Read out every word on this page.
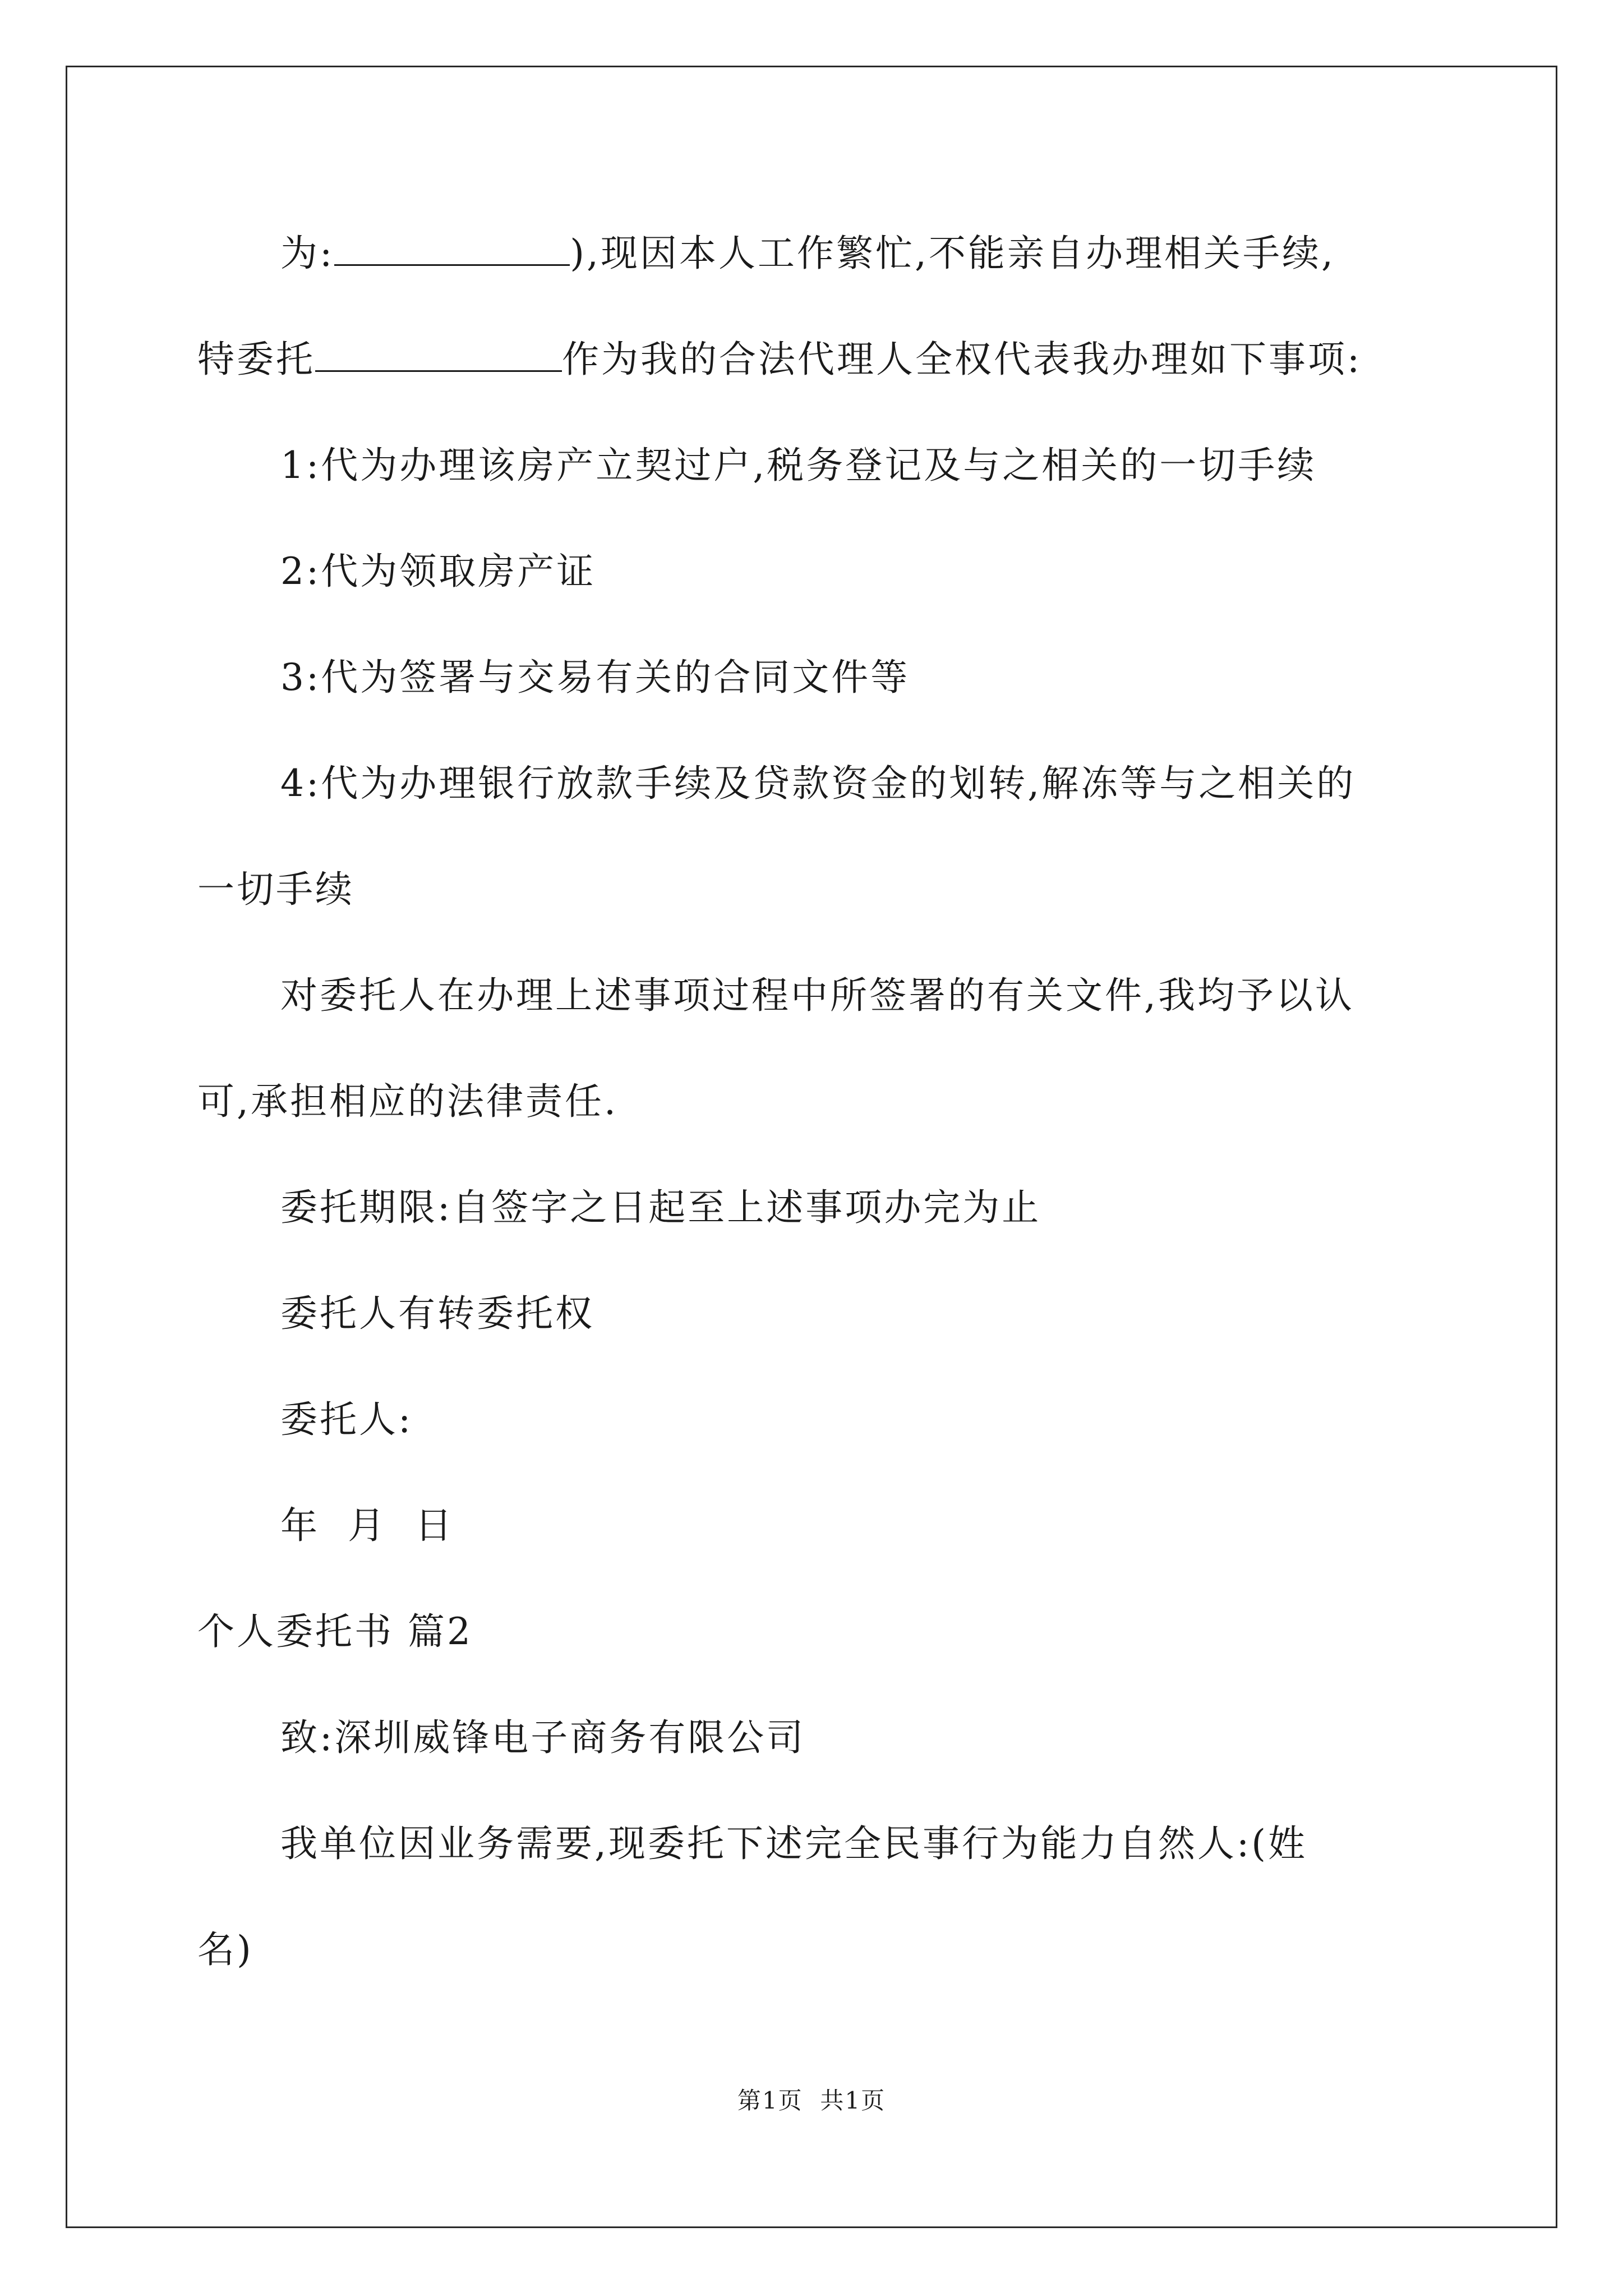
为:	),现因本人工作繁忙,不能亲自办理相关手续,
特委托	作为我的合法代理人全权代表我办理如下事项:
1:代为办理该房产立契过户,税务登记及与之相关的一切手续
2:代为领取房产证
3:代为签署与交易有关的合同文件等
4:代为办理银行放款手续及贷款资金的划转,解冻等与之相关的
一切手续
对委托人在办理上述事项过程中所签署的有关文件,我均予以认
可,承担相应的法律责任.
委托期限:自签字之日起至上述事项办完为止
委托人有转委托权
委托人:
年  月  日
个人委托书 篇2
致:深圳威锋电子商务有限公司
我单位因业务需要,现委托下述完全民事行为能力自然人:(姓
名)
第1页  共1页
